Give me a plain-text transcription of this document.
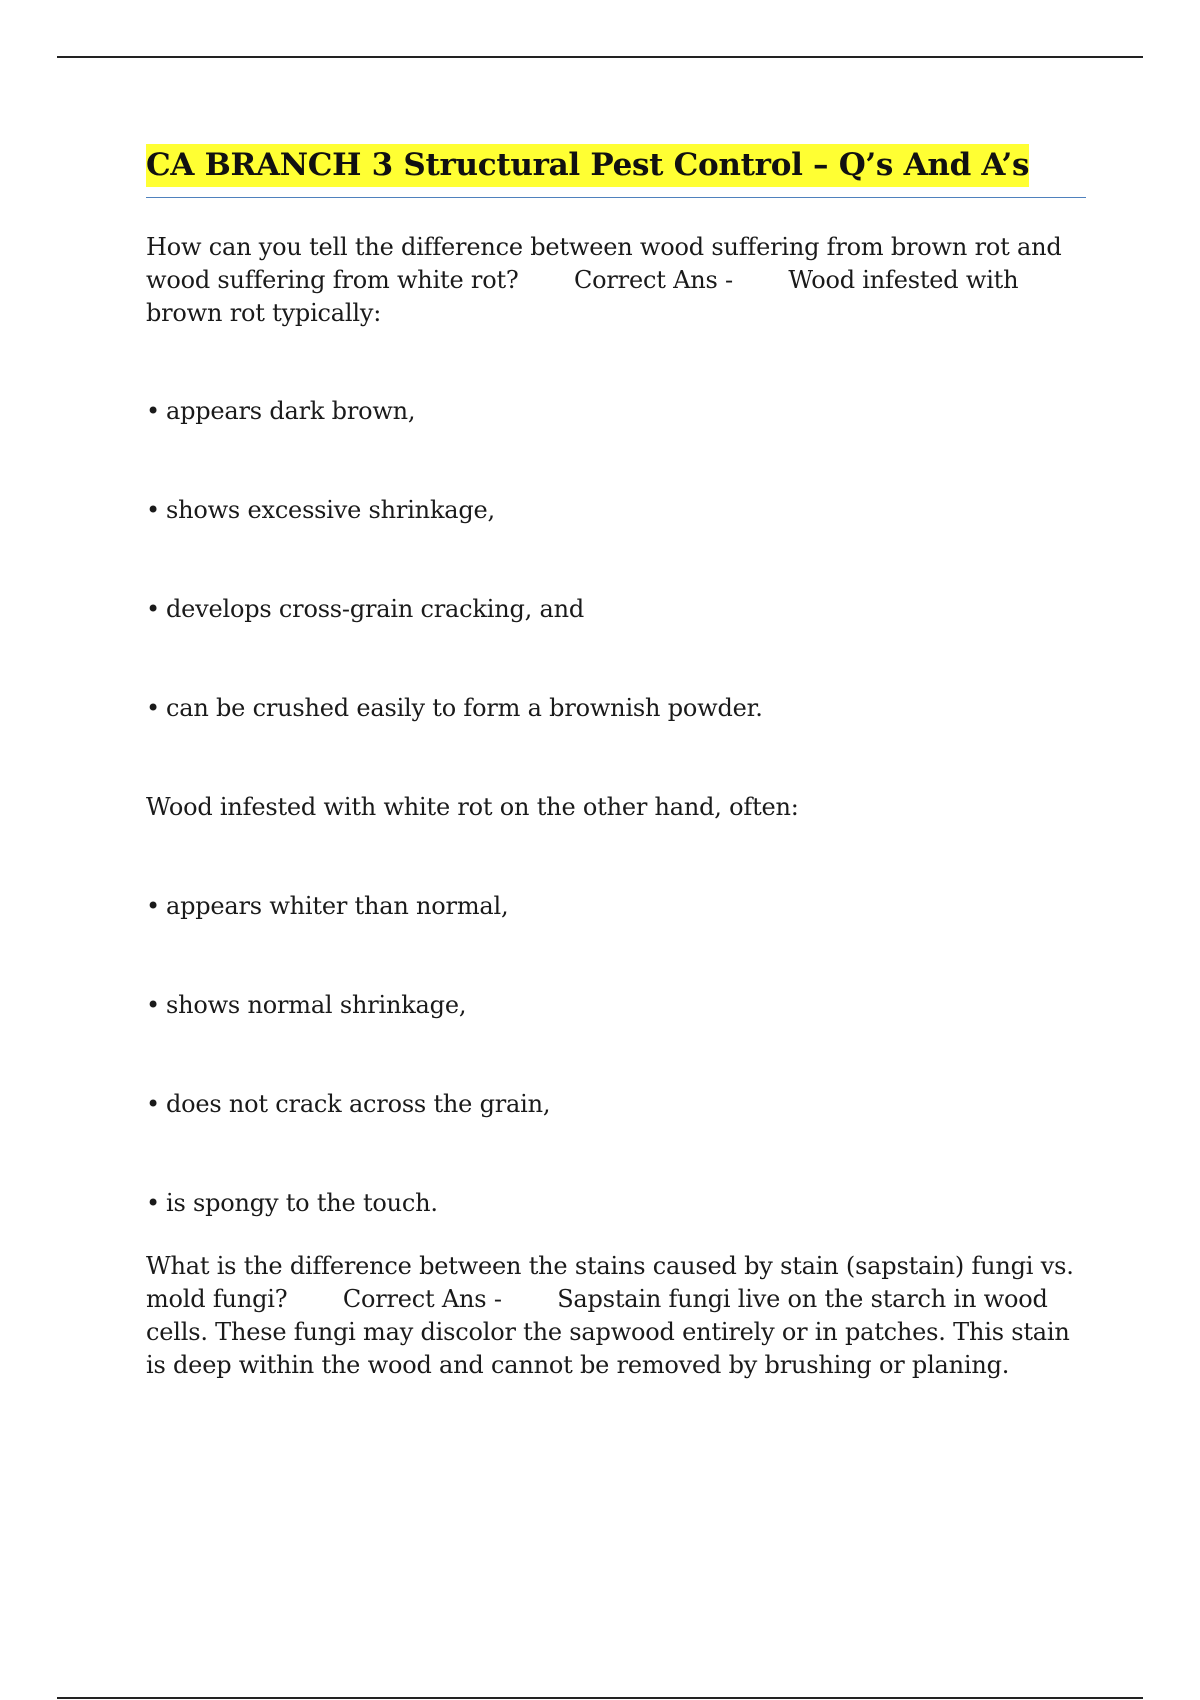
CA BRANCH 3 Structural Pest Control – Q’s And A’s

How can you tell the difference between wood suffering from brown rot and wood suffering from white rot? Correct Ans - Wood infested with brown rot typically:

• appears dark brown,

• shows excessive shrinkage,

• develops cross-grain cracking, and

• can be crushed easily to form a brownish powder.

Wood infested with white rot on the other hand, often:

• appears whiter than normal,

• shows normal shrinkage,

• does not crack across the grain,

• is spongy to the touch.

What is the difference between the stains caused by stain (sapstain) fungi vs. mold fungi? Correct Ans - Sapstain fungi live on the starch in wood cells. These fungi may discolor the sapwood entirely or in patches. This stain is deep within the wood and cannot be removed by brushing or planing.
